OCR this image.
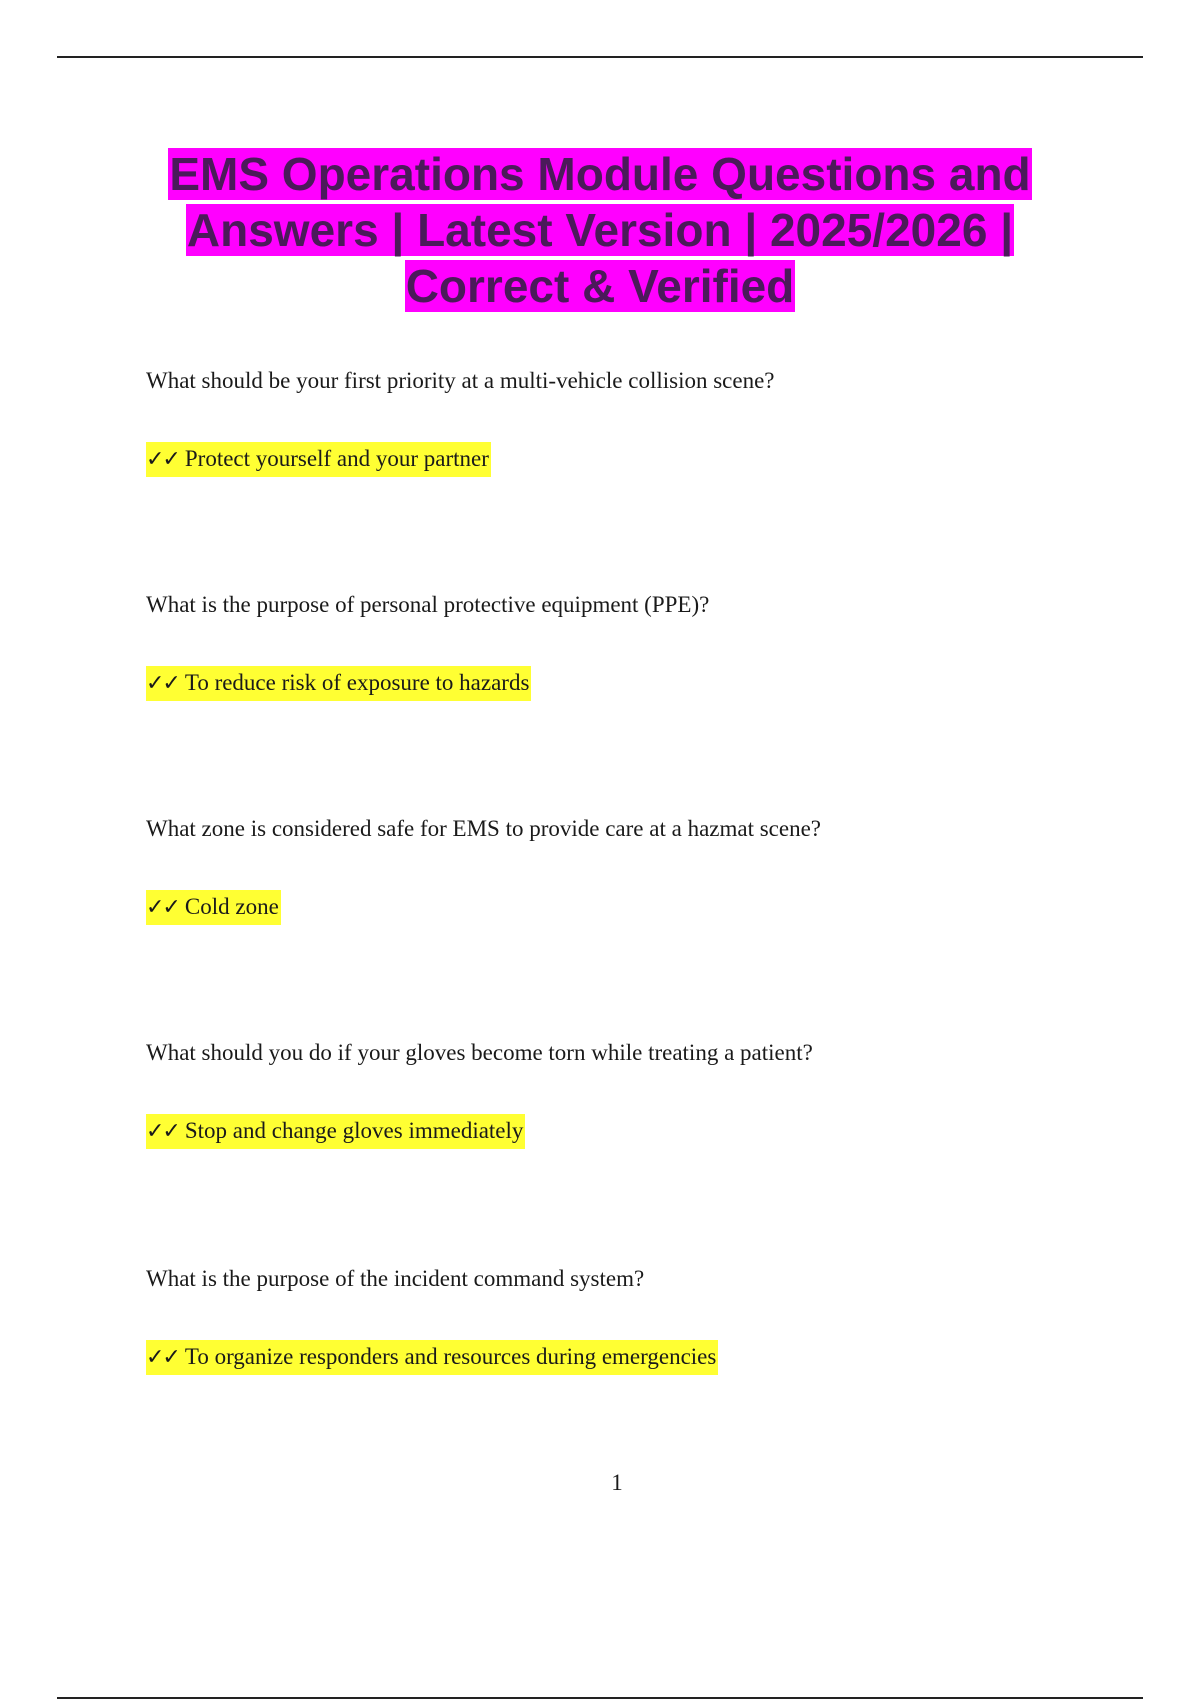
EMS Operations Module Questions and Answers | Latest Version | 2025/2026 | Correct & Verified

What should be your first priority at a multi-vehicle collision scene?

✓✓ Protect yourself and your partner

What is the purpose of personal protective equipment (PPE)?

✓✓ To reduce risk of exposure to hazards

What zone is considered safe for EMS to provide care at a hazmat scene?

✓✓ Cold zone

What should you do if your gloves become torn while treating a patient?

✓✓ Stop and change gloves immediately

What is the purpose of the incident command system?

✓✓ To organize responders and resources during emergencies
1
